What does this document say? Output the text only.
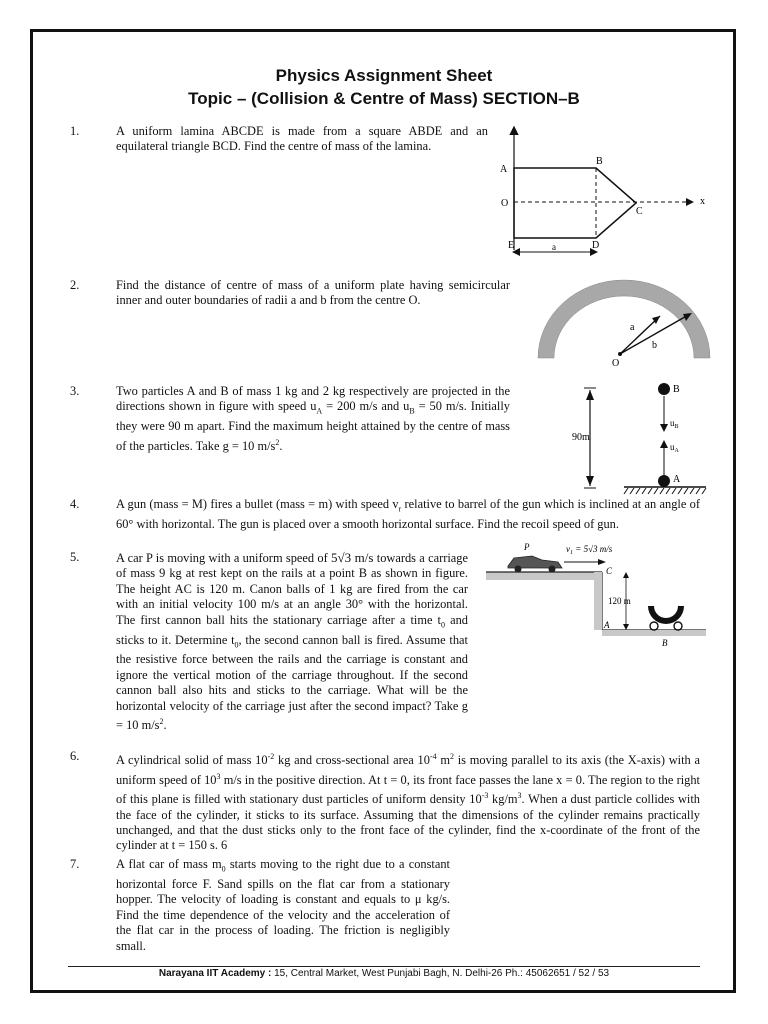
Physics Assignment Sheet
Topic – (Collision & Centre of Mass) SECTION–B
1.	A uniform lamina ABCDE is made from a square ABDE and an equilateral triangle BCD. Find the centre of mass of the lamina.
A
B
C
D
E
O	x
a
2.	Find the distance of centre of mass of a uniform plate having semicircular inner and outer boundaries of radii a and b from the centre O.
a
b
O
3.	Two particles A and B of mass 1 kg and 2 kg respectively are projected in the directions shown in figure with speed $u_A = 200$ m/s and $u_B = 50$ m/s. Initially they were 90 m apart. Find the maximum height attained by the centre of mass of the particles. Take g = 10 $m/s^2$.
90m
B
$u_B$
$u_A$
A
4.	A gun (mass = M) fires a bullet (mass = m) with speed $v_r$ relative to barrel of the gun which is inclined at an angle of 60° with horizontal. The gun is placed over a smooth horizontal surface. Find the recoil speed of gun.
5.	A car P is moving with a uniform speed of 5√3 m/s towards a carriage of mass 9 kg at rest kept on the rails at a point B as shown in figure. The height AC is 120 m. Canon balls of 1 kg are fired from the car with an initial velocity 100 m/s at an angle 30° with the horizontal. The first cannon ball hits the stationary carriage after a time $t_0$ and sticks to it. Determine $t_0$, the second cannon ball is fired. Assume that the resistive force between the rails and the carriage is constant and ignore the vertical motion of the carriage throughout. If the second cannon ball also hits and sticks to the carriage. What will be the horizontal velocity of the carriage just after the second impact? Take g = 10 $m/s^2$.
P	$v_1 = 5√3$ m/s
C
A
120 m
B
6.	A cylindrical solid of mass $10^{-2}$ kg and cross-sectional area $10^{-4}$ $m^2$ is moving parallel to its axis (the X-axis) with a uniform speed of $10^3$ m/s in the positive direction. At t = 0, its front face passes the lane x = 0. The region to the right of this plane is filled with stationary dust particles of uniform density $10^{-3}$ $kg/m^3$. When a dust particle collides with the face of the cylinder, it sticks to its surface. Assuming that the dimensions of the cylinder remains practically unchanged, and that the dust sticks only to the front face of the cylinder, find the x-coordinate of the front of the cylinder at t = 150 s. 6
7.	A flat car of mass $m_0$ starts moving to the right due to a constant horizontal force F. Sand spills on the flat car from a stationary hopper. The velocity of loading is constant and equals to μ kg/s. Find the time dependence of the velocity and the acceleration of the flat car in the process of loading. The friction is negligibly small.
Narayana IIT Academy : 15, Central Market, West Punjabi Bagh, N. Delhi-26 Ph.: 45062651 / 52 / 53
